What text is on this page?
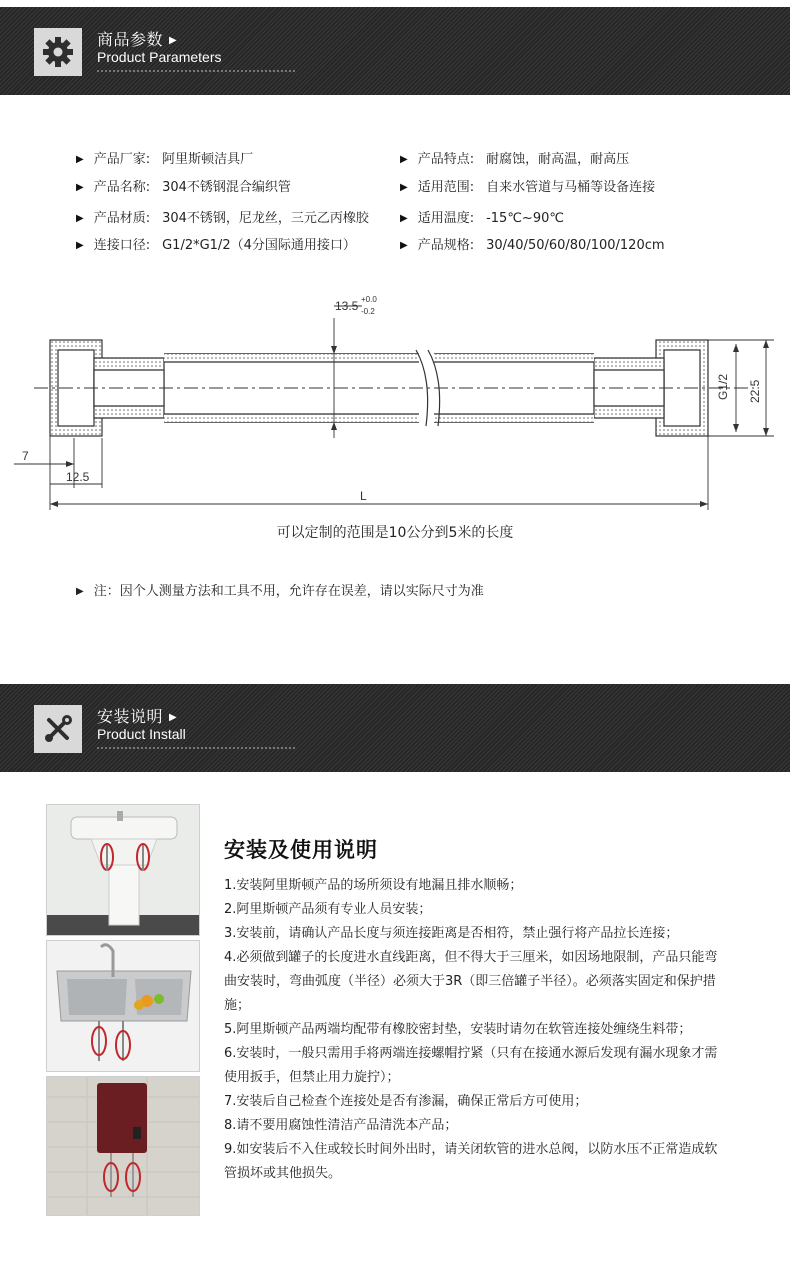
商品参数 ▶
Product Parameters
▶ 产品厂家: 阿里斯顿洁具厂	▶ 产品特点: 耐腐蚀，耐高温，耐高压
▶ 产品名称: 304不锈钢混合编织管	▶ 适用范围: 自来水管道与马桶等设备连接
▶ 产品材质: 304不锈钢，尼龙丝，三元乙丙橡胶	▶ 适用温度: -15℃~90℃
▶ 连接口径: G1/2*G1/2（4分国际通用接口）	▶ 产品规格: 30/40/50/60/80/100/120cm
13.5 +0.0
-0.2
G1/2 22.5
7
12.5
L
可以定制的范围是10公分到5米的长度
▶ 注：因个人测量方法和工具不用，允许存在误差，请以实际尺寸为准
安装说明 ▶
Product Install
安装及使用说明

1.安装阿里斯顿产品的场所须设有地漏且排水顺畅；

2.阿里斯顿产品须有专业人员安装；

3.安装前，请确认产品长度与须连接距离是否相符，禁止强行将产品拉长连接；

4.必须做到罐子的长度进水直线距离，但不得大于三厘米，如因场地限制，产品只能弯曲安装时，弯曲弧度（半径）必须大于3R（即三倍罐子半径）。必须落实固定和保护措施；

5.阿里斯顿产品两端均配带有橡胶密封垫，安装时请勿在软管连接处缠绕生料带；

6.安装时，一般只需用手将两端连接螺帽拧紧（只有在接通水源后发现有漏水现象才需使用扳手，但禁止用力旋拧）；

7.安装后自己检查个连接处是否有渗漏，确保正常后方可使用；

8.请不要用腐蚀性清洁产品清洗本产品；

9.如安装后不入住或较长时间外出时，请关闭软管的进水总阀，以防水压不正常造成软管损坏或其他损失。
